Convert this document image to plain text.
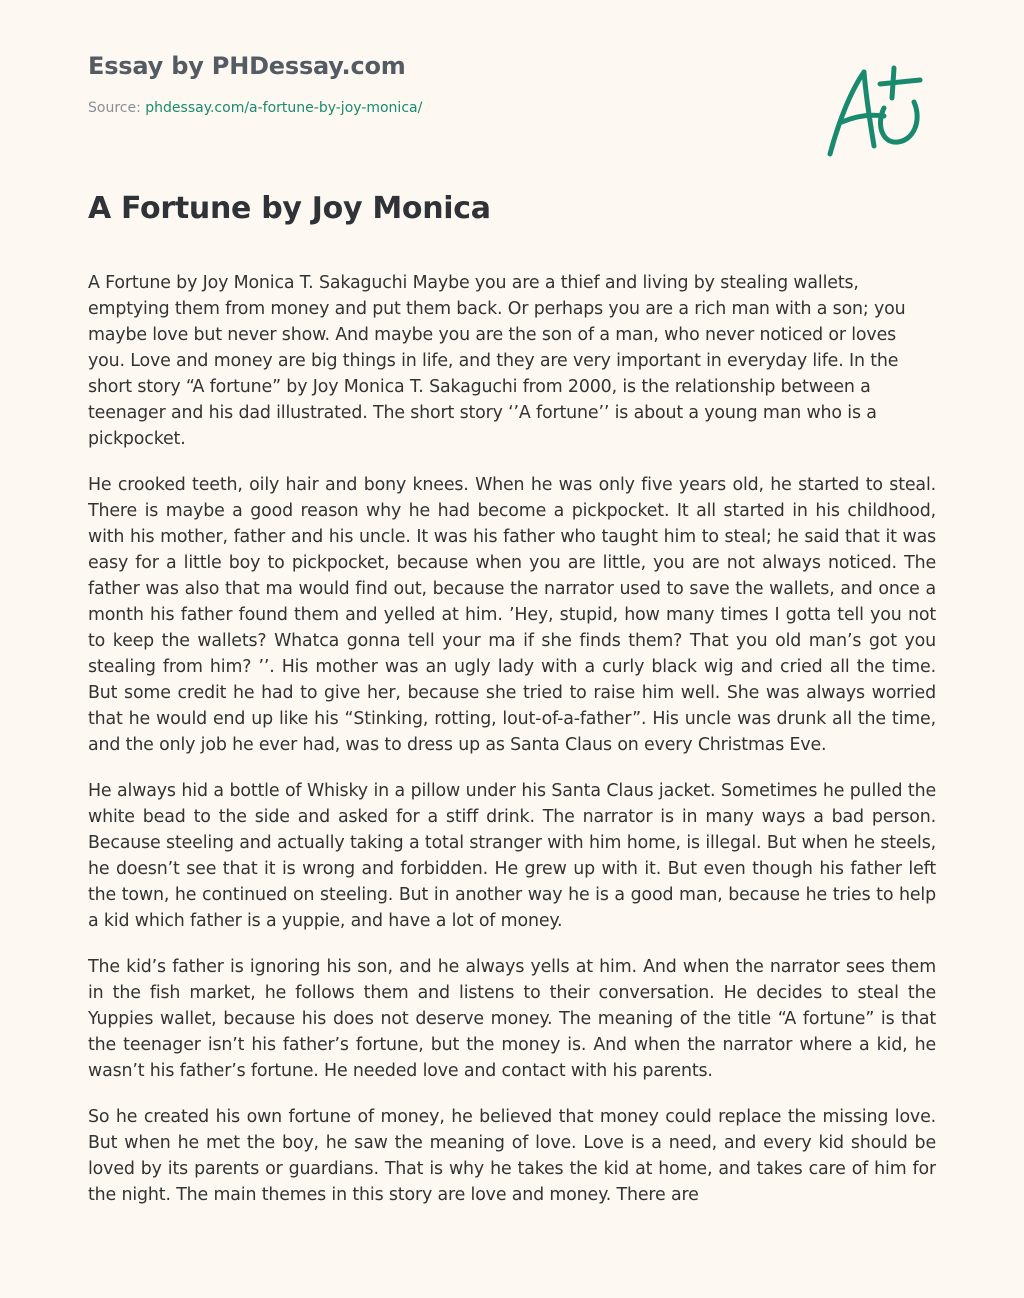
Essay by PHDessay.com
Source: phdessay.com/a-fortune-by-joy-monica/
A Fortune by Joy Monica

A Fortune by Joy Monica T. Sakaguchi Maybe you are a thief and living by stealing wallets, emptying them from money and put them back. Or perhaps you are a rich man with a son; you maybe love but never show. And maybe you are the son of a man, who never noticed or loves you. Love and money are big things in life, and they are very important in everyday life. In the short story “A fortune” by Joy Monica T. Sakaguchi from 2000, is the relationship between a teenager and his dad illustrated. The short story ‘’A fortune’’ is about a young man who is a pickpocket.

He crooked teeth, oily hair and bony knees. When he was only five years old, he started to steal. There is maybe a good reason why he had become a pickpocket. It all started in his childhood, with his mother, father and his uncle. It was his father who taught him to steal; he said that it was easy for a little boy to pickpocket, because when you are little, you are not always noticed. The father was also that ma would find out, because the narrator used to save the wallets, and once a month his father found them and yelled at him. ’Hey, stupid, how many times I gotta tell you not to keep the wallets? Whatca gonna tell your ma if she finds them? That you old man’s got you stealing from him? ’’. His mother was an ugly lady with a curly black wig and cried all the time. But some credit he had to give her, because she tried to raise him well. She was always worried that he would end up like his “Stinking, rotting, lout-of-a-father”. His uncle was drunk all the time, and the only job he ever had, was to dress up as Santa Claus on every Christmas Eve.

He always hid a bottle of Whisky in a pillow under his Santa Claus jacket. Sometimes he pulled the white bead to the side and asked for a stiff drink. The narrator is in many ways a bad person. Because steeling and actually taking a total stranger with him home, is illegal. But when he steels, he doesn’t see that it is wrong and forbidden. He grew up with it. But even though his father left the town, he continued on steeling. But in another way he is a good man, because he tries to help a kid which father is a yuppie, and have a lot of money.

The kid’s father is ignoring his son, and he always yells at him. And when the narrator sees them in the fish market, he follows them and listens to their conversation. He decides to steal the Yuppies wallet, because his does not deserve money. The meaning of the title “A fortune” is that the teenager isn’t his father’s fortune, but the money is. And when the narrator where a kid, he wasn’t his father’s fortune. He needed love and contact with his parents.

So he created his own fortune of money, he believed that money could replace the missing love. But when he met the boy, he saw the meaning of love. Love is a need, and every kid should be loved by its parents or guardians. That is why he takes the kid at home, and takes care of him for the night. The main themes in this story are love and money. There are
